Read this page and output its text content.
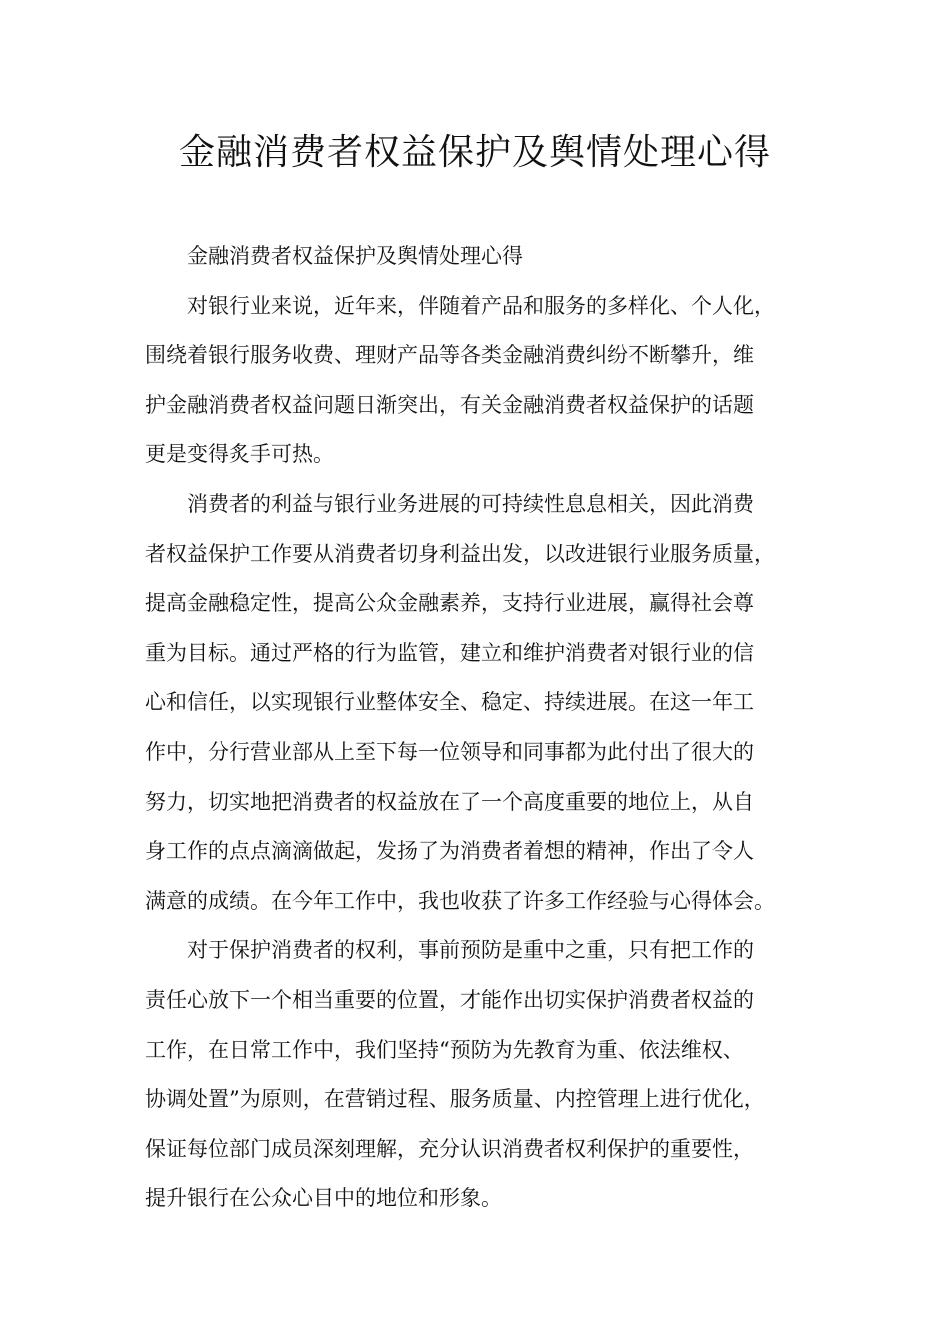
金融消费者权益保护及舆情处理心得

金融消费者权益保护及舆情处理心得

对银行业来说，近年来，伴随着产品和服务的多样化、个人化，
围绕着银行服务收费、理财产品等各类金融消费纠纷不断攀升，维
护金融消费者权益问题日渐突出，有关金融消费者权益保护的话题
更是变得炙手可热。

消费者的利益与银行业务进展的可持续性息息相关，因此消费
者权益保护工作要从消费者切身利益出发，以改进银行业服务质量，
提高金融稳定性，提高公众金融素养，支持行业进展，赢得社会尊
重为目标。通过严格的行为监管，建立和维护消费者对银行业的信
心和信任，以实现银行业整体安全、稳定、持续进展。在这一年工
作中，分行营业部从上至下每一位领导和同事都为此付出了很大的
努力，切实地把消费者的权益放在了一个高度重要的地位上，从自
身工作的点点滴滴做起，发扬了为消费者着想的精神，作出了令人
满意的成绩。在今年工作中，我也收获了许多工作经验与心得体会。

对于保护消费者的权利，事前预防是重中之重，只有把工作的
责任心放下一个相当重要的位置，才能作出切实保护消费者权益的
工作，在日常工作中，我们坚持“预防为先教育为重、依法维权、
协调处置”为原则，在营销过程、服务质量、内控管理上进行优化，
保证每位部门成员深刻理解，充分认识消费者权利保护的重要性，
提升银行在公众心目中的地位和形象。
